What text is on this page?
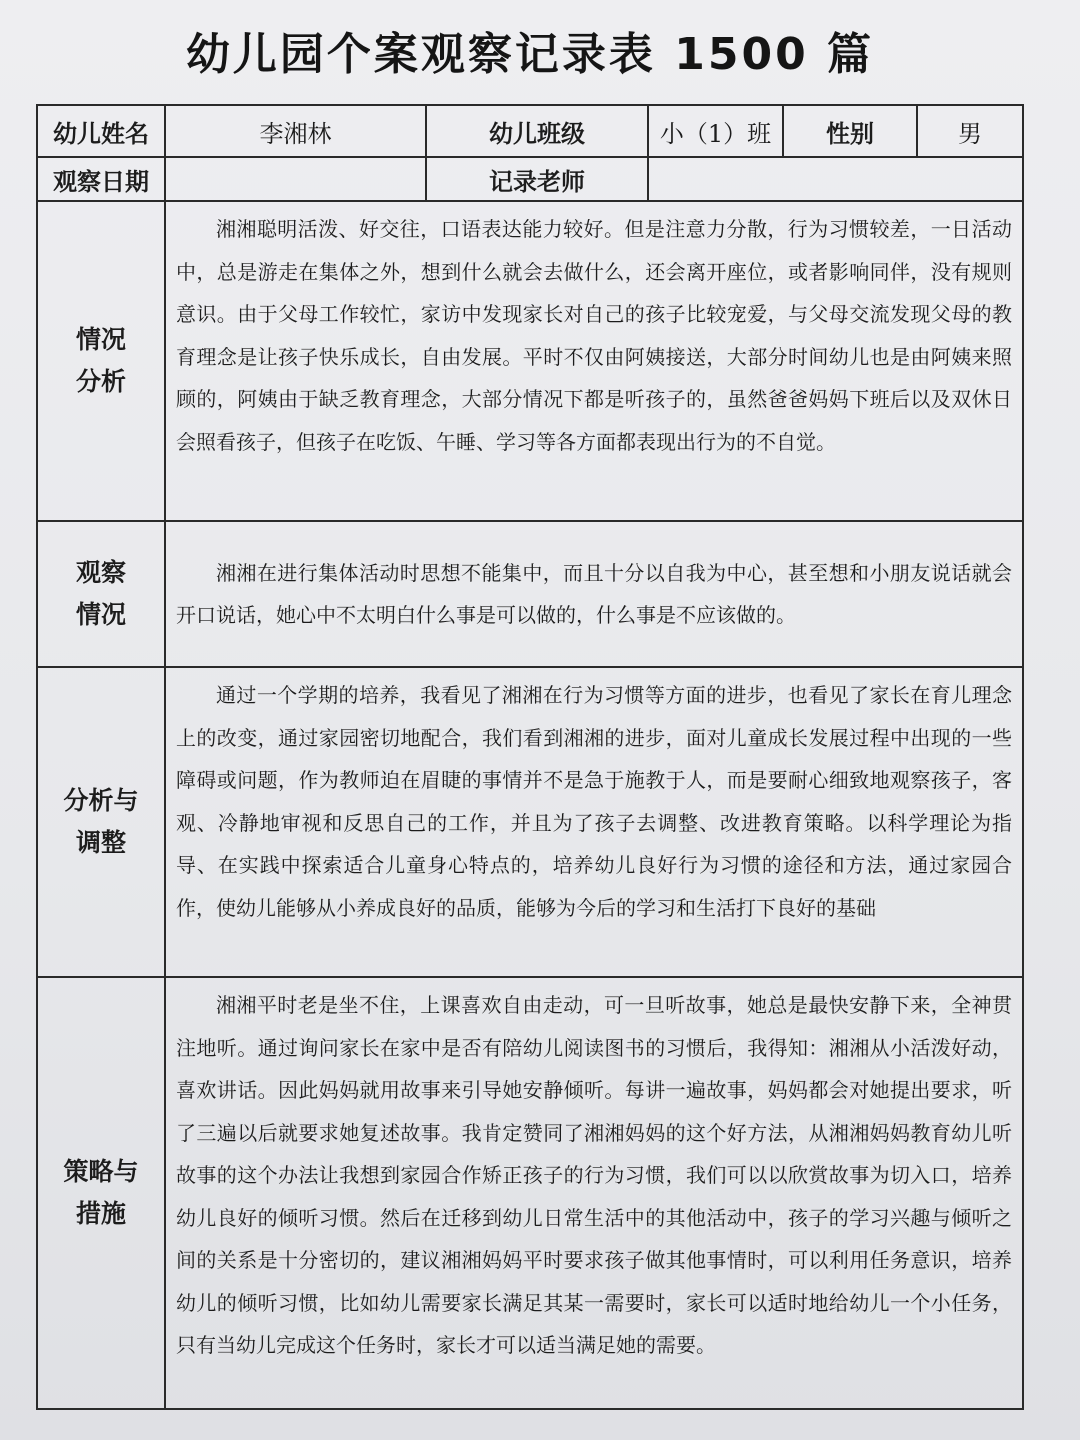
幼儿园个案观察记录表 1500 篇
幼儿姓名	李湘林	幼儿班级	小（1）班	性别	男
观察日期		记录老师			

情况
分析	湘湘聪明活泼、好交往，口语表达能力较好。但是注意力分散，行为习惯较差，一日活动中，总是游走在集体之外，想到什么就会去做什么，还会离开座位，或者影响同伴，没有规则意识。由于父母工作较忙，家访中发现家长对自己的孩子比较宠爱，与父母交流发现父母的教育理念是让孩子快乐成长，自由发展。平时不仅由阿姨接送，大部分时间幼儿也是由阿姨来照顾的，阿姨由于缺乏教育理念，大部分情况下都是听孩子的，虽然爸爸妈妈下班后以及双休日会照看孩子，但孩子在吃饭、午睡、学习等各方面都表现出行为的不自觉。				

观察
情况	湘湘在进行集体活动时思想不能集中，而且十分以自我为中心，甚至想和小朋友说话就会开口说话，她心中不太明白什么事是可以做的，什么事是不应该做的。				

分析与
调整	通过一个学期的培养，我看见了湘湘在行为习惯等方面的进步，也看见了家长在育儿理念上的改变，通过家园密切地配合，我们看到湘湘的进步，面对儿童成长发展过程中出现的一些障碍或问题，作为教师迫在眉睫的事情并不是急于施教于人，而是要耐心细致地观察孩子，客观、冷静地审视和反思自己的工作，并且为了孩子去调整、改进教育策略。以科学理论为指导、在实践中探索适合儿童身心特点的，培养幼儿良好行为习惯的途径和方法，通过家园合作，使幼儿能够从小养成良好的品质，能够为今后的学习和生活打下良好的基础				

策略与
措施	湘湘平时老是坐不住，上课喜欢自由走动，可一旦听故事，她总是最快安静下来，全神贯注地听。通过询问家长在家中是否有陪幼儿阅读图书的习惯后，我得知：湘湘从小活泼好动，喜欢讲话。因此妈妈就用故事来引导她安静倾听。每讲一遍故事，妈妈都会对她提出要求，听了三遍以后就要求她复述故事。我肯定赞同了湘湘妈妈的这个好方法，从湘湘妈妈教育幼儿听故事的这个办法让我想到家园合作矫正孩子的行为习惯，我们可以以欣赏故事为切入口，培养幼儿良好的倾听习惯。然后在迁移到幼儿日常生活中的其他活动中，孩子的学习兴趣与倾听之间的关系是十分密切的，建议湘湘妈妈平时要求孩子做其他事情时，可以利用任务意识，培养幼儿的倾听习惯，比如幼儿需要家长满足其某一需要时，家长可以适时地给幼儿一个小任务，只有当幼儿完成这个任务时，家长才可以适当满足她的需要。				
